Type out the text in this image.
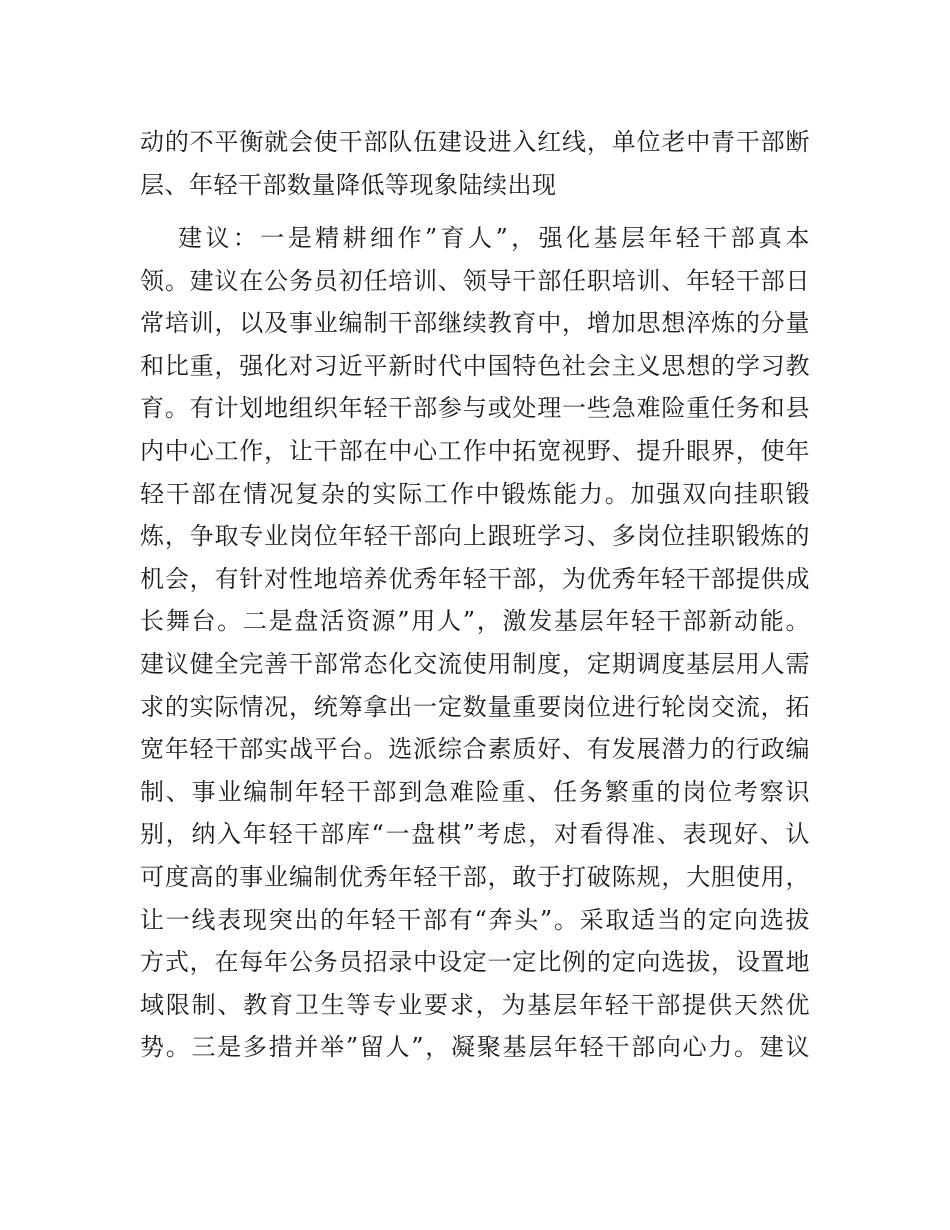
动的不平衡就会使干部队伍建设进入红线，单位老中青干部断
层、年轻干部数量降低等现象陆续出现
建议：一是精耕细作”育人”，强化基层年轻干部真本
领。建议在公务员初任培训、领导干部任职培训、年轻干部日
常培训，以及事业编制干部继续教育中，增加思想淬炼的分量
和比重，强化对习近平新时代中国特色社会主义思想的学习教
育。有计划地组织年轻干部参与或处理一些急难险重任务和县
内中心工作，让干部在中心工作中拓宽视野、提升眼界，使年
轻干部在情况复杂的实际工作中锻炼能力。加强双向挂职锻
炼，争取专业岗位年轻干部向上跟班学习、多岗位挂职锻炼的
机会，有针对性地培养优秀年轻干部，为优秀年轻干部提供成
长舞台。二是盘活资源”用人”，激发基层年轻干部新动能。
建议健全完善干部常态化交流使用制度，定期调度基层用人需
求的实际情况，统筹拿出一定数量重要岗位进行轮岗交流，拓
宽年轻干部实战平台。选派综合素质好、有发展潜力的行政编
制、事业编制年轻干部到急难险重、任务繁重的岗位考察识
别，纳入年轻干部库“一盘棋”考虑，对看得准、表现好、认
可度高的事业编制优秀年轻干部，敢于打破陈规，大胆使用，
让一线表现突出的年轻干部有“奔头”。采取适当的定向选拔
方式，在每年公务员招录中设定一定比例的定向选拔，设置地
域限制、教育卫生等专业要求，为基层年轻干部提供天然优
势。三是多措并举”留人”，凝聚基层年轻干部向心力。建议
